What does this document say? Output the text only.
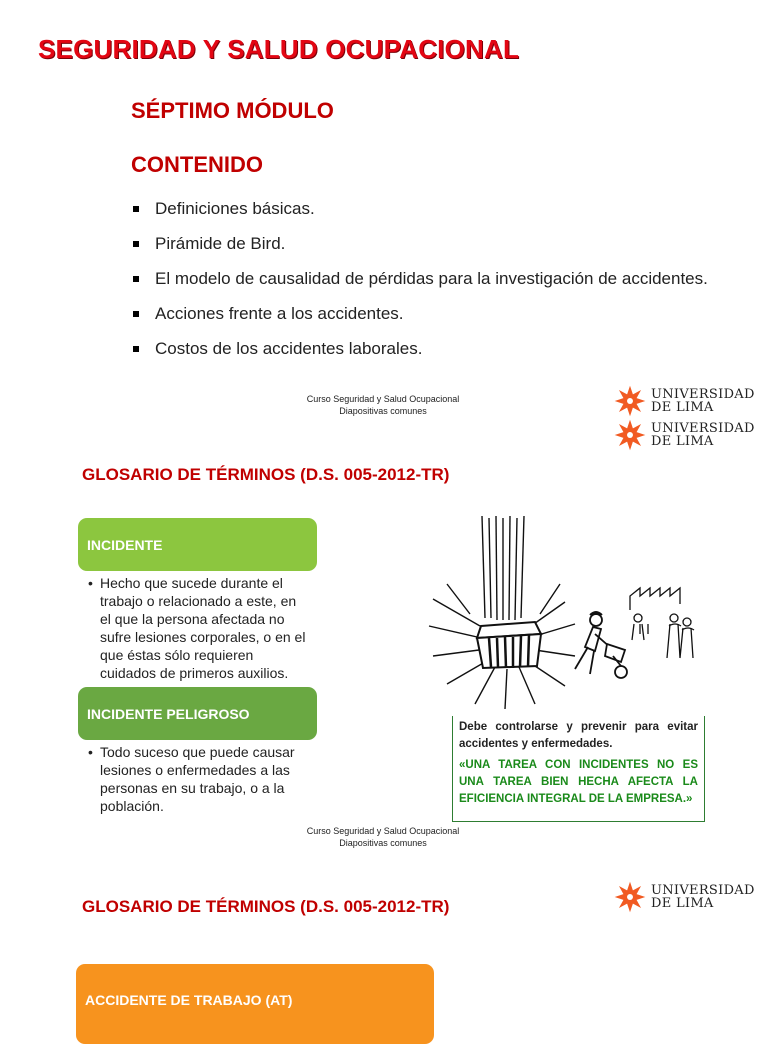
SEGURIDAD Y SALUD OCUPACIONAL
SÉPTIMO MÓDULO
CONTENIDO
Definiciones básicas.
Pirámide de Bird.
El modelo de causalidad de pérdidas para la investigación de accidentes.
Acciones frente a los accidentes.
Costos de los accidentes laborales.
Curso Seguridad y Salud Ocupacional
Diapositivas comunes
UNIVERSIDAD
DE LIMA
UNIVERSIDAD
DE LIMA
GLOSARIO DE TÉRMINOS (D.S. 005-2012-TR)
INCIDENTE
• Hecho que sucede durante el trabajo o relacionado a este, en el que la persona afectada no sufre lesiones corporales, o en el que éstas sólo requieren cuidados de primeros auxilios.
INCIDENTE PELIGROSO
• Todo suceso que puede causar lesiones o enfermedades a las personas en su trabajo, o a la población.
Debe controlarse y prevenir para evitar accidentes y enfermedades.
«UNA TAREA CON INCIDENTES NO ES UNA TAREA BIEN HECHA AFECTA LA EFICIENCIA INTEGRAL DE LA EMPRESA.»
Curso Seguridad y Salud Ocupacional
Diapositivas comunes
UNIVERSIDAD
DE LIMA
GLOSARIO DE TÉRMINOS (D.S. 005-2012-TR)
ACCIDENTE DE TRABAJO (AT)
